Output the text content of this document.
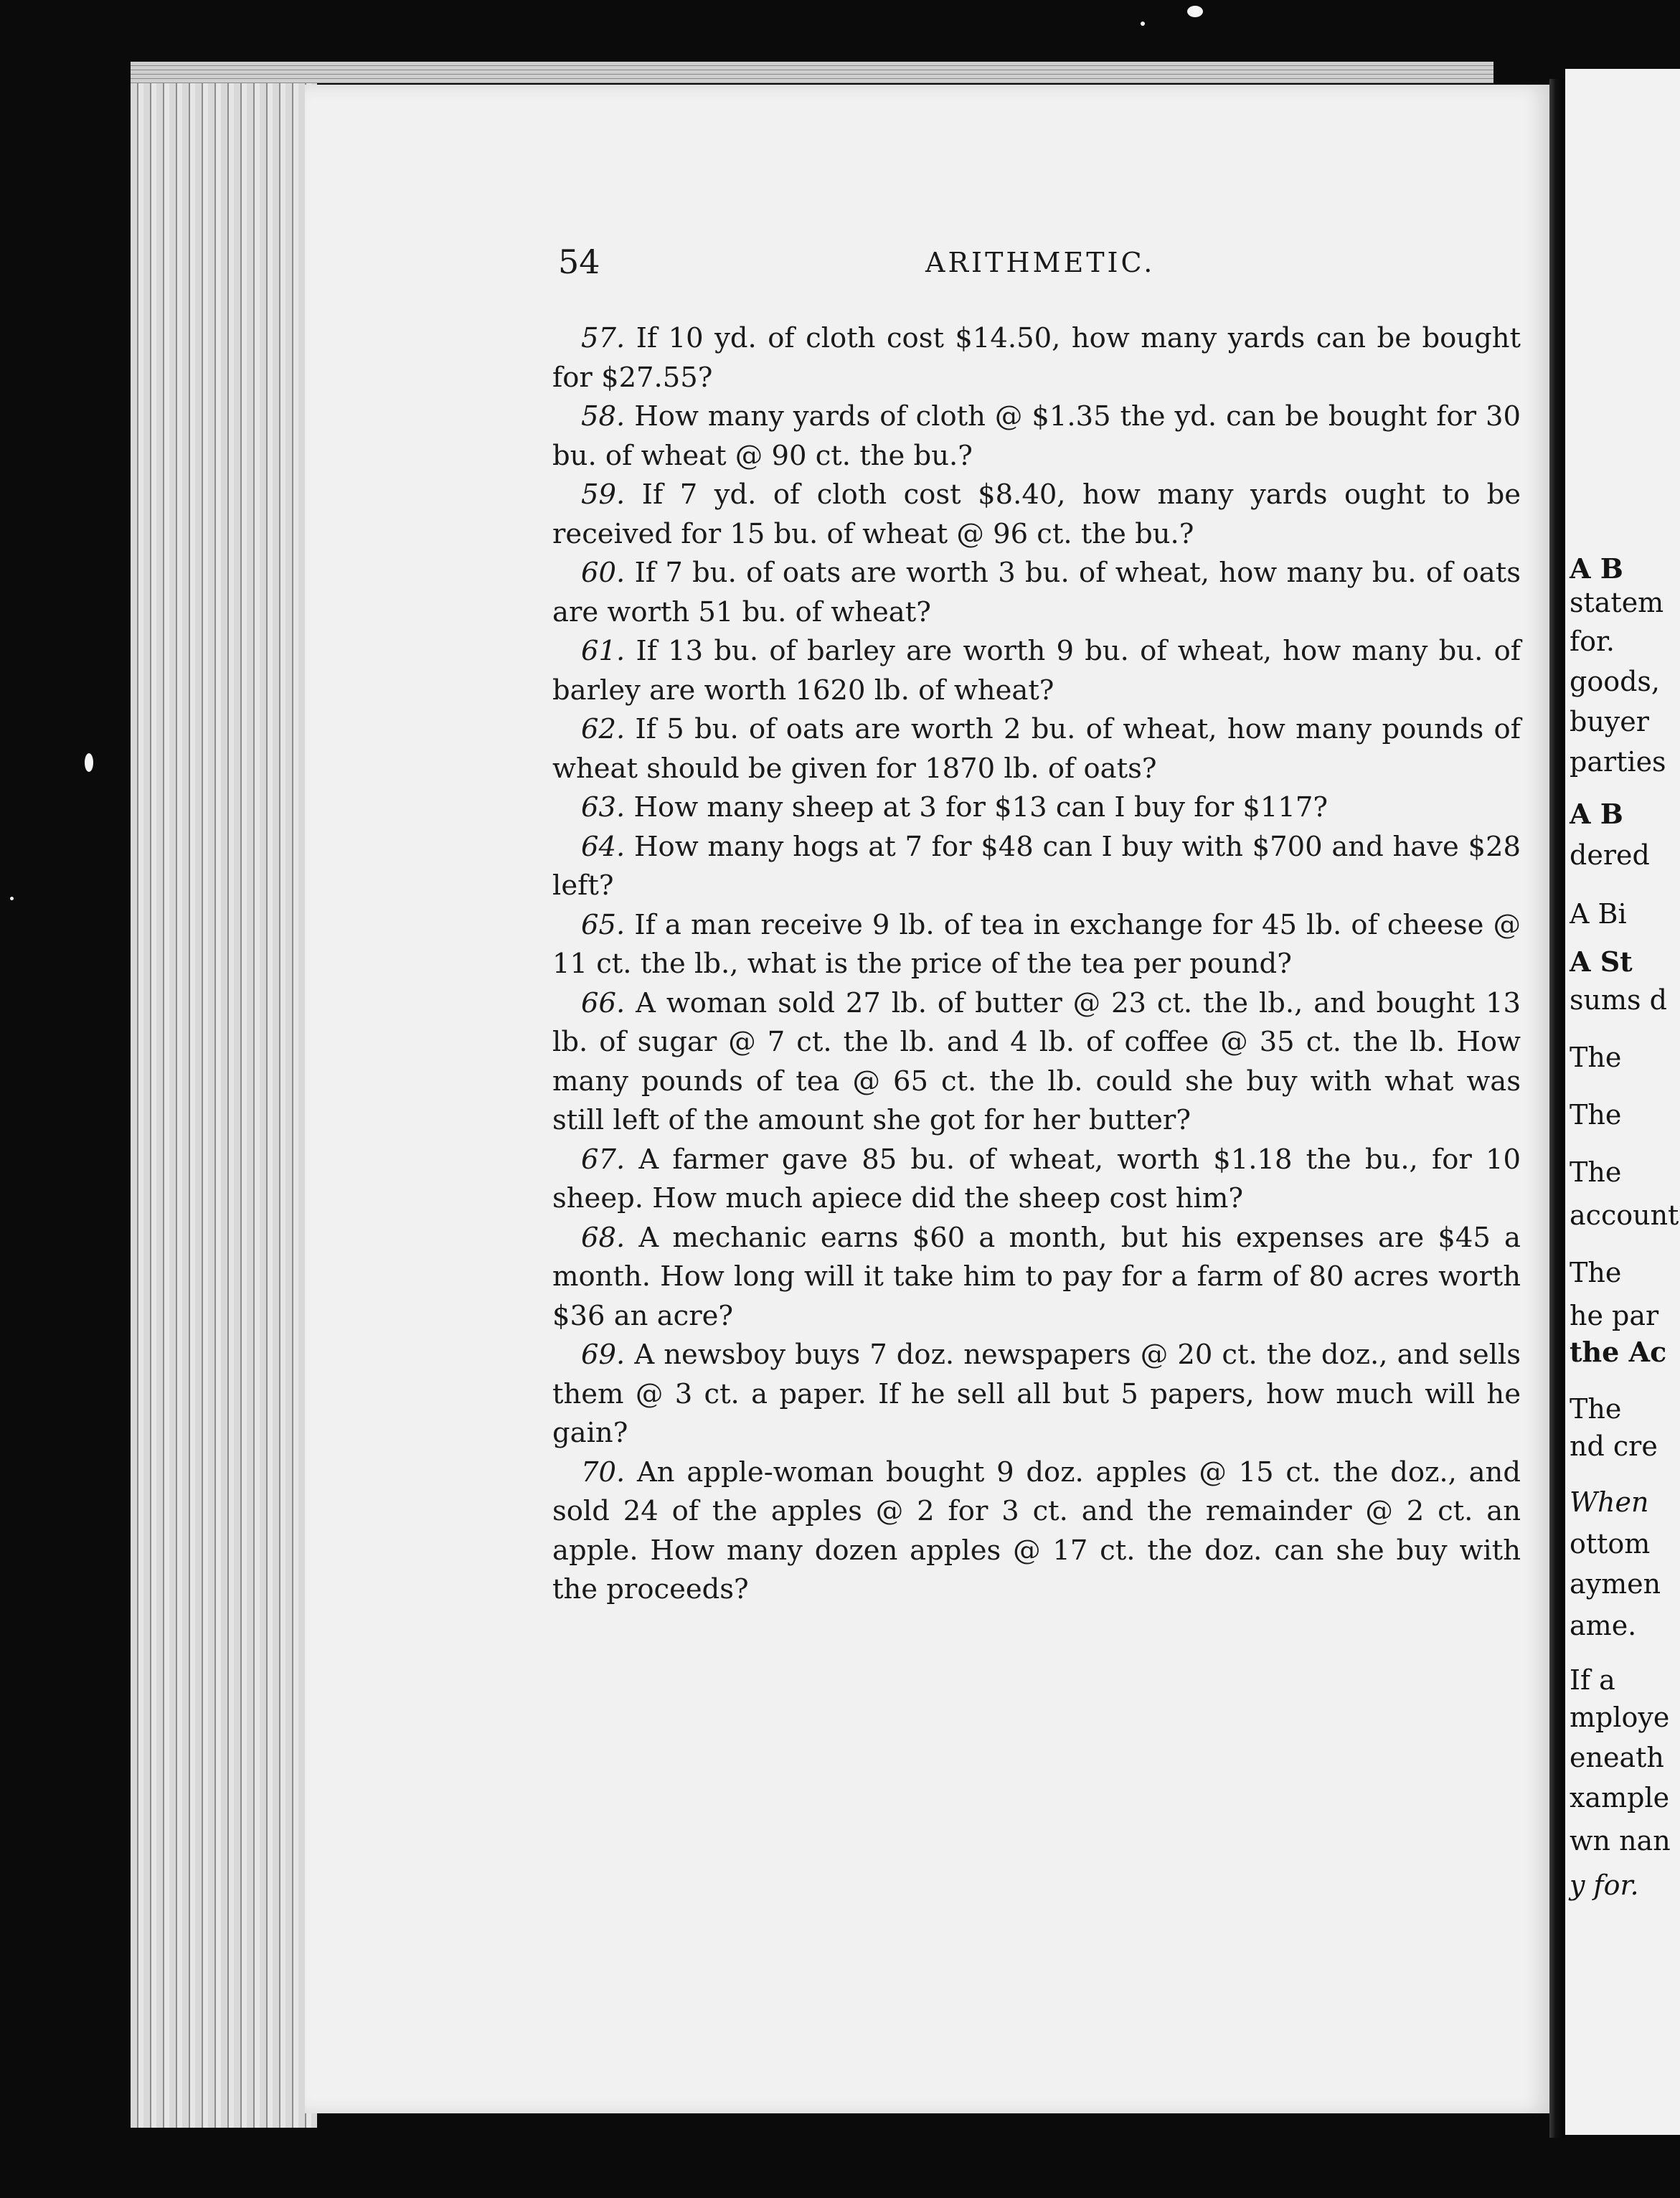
54	ARITHMETIC.

57. If 10 yd. of cloth cost $14.50, how many yards can be bought for $27.55?

58. How many yards of cloth @ $1.35 the yd. can be bought for 30 bu. of wheat @ 90 ct. the bu.?

59. If 7 yd. of cloth cost $8.40, how many yards ought to be received for 15 bu. of wheat @ 96 ct. the bu.?

60. If 7 bu. of oats are worth 3 bu. of wheat, how many bu. of oats are worth 51 bu. of wheat?

61. If 13 bu. of barley are worth 9 bu. of wheat, how many bu. of barley are worth 1620 lb. of wheat?

62. If 5 bu. of oats are worth 2 bu. of wheat, how many pounds of wheat should be given for 1870 lb. of oats?

63. How many sheep at 3 for $13 can I buy for $117?

64. How many hogs at 7 for $48 can I buy with $700 and have $28 left?

65. If a man receive 9 lb. of tea in exchange for 45 lb. of cheese @ 11 ct. the lb., what is the price of the tea per pound?

66. A woman sold 27 lb. of butter @ 23 ct. the lb., and bought 13 lb. of sugar @ 7 ct. the lb. and 4 lb. of coffee @ 35 ct. the lb. How many pounds of tea @ 65 ct. the lb. could she buy with what was still left of the amount she got for her butter?

67. A farmer gave 85 bu. of wheat, worth $1.18 the bu., for 10 sheep. How much apiece did the sheep cost him?

68. A mechanic earns $60 a month, but his expenses are $45 a month. How long will it take him to pay for a farm of 80 acres worth $36 an acre?

69. A newsboy buys 7 doz. newspapers @ 20 ct. the doz., and sells them @ 3 ct. a paper. If he sell all but 5 papers, how much will he gain?

70. An apple-woman bought 9 doz. apples @ 15 ct. the doz., and sold 24 of the apples @ 2 for 3 ct. and the remainder @ 2 ct. an apple. How many dozen apples @ 17 ct. the doz. can she buy with the proceeds?

A B
statem
for.
goods,
buyer
parties
A B
dered
A Bi
A St
sums d
The
The
The
account
The
he par
the Ac
The
nd cre
When
ottom
aymen
ame.
If a
mploye
eneath
xample
wn nan
y for.
